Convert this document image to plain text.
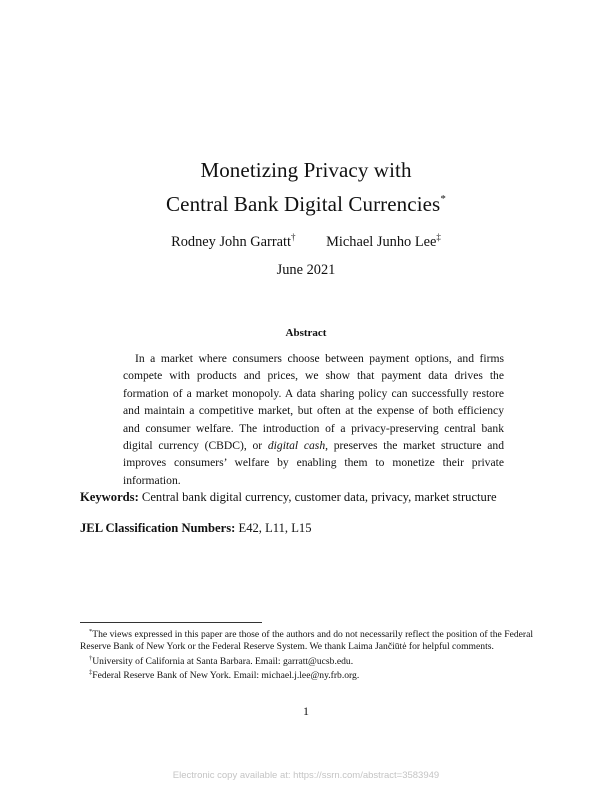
Monetizing Privacy with
Central Bank Digital Currencies*
Rodney John Garratt† Michael Junho Lee‡
June 2021
Abstract
In a market where consumers choose between payment options, and firms compete with products and prices, we show that payment data drives the formation of a market monopoly. A data sharing policy can successfully restore and maintain a competitive market, but often at the expense of both efficiency and consumer welfare. The introduction of a privacy-preserving central bank digital currency (CBDC), or digital cash, preserves the market structure and improves consumers’ welfare by enabling them to monetize their private information.
Keywords: Central bank digital currency, customer data, privacy, market structure
JEL Classification Numbers: E42, L11, L15

*The views expressed in this paper are those of the authors and do not necessarily reflect the position of the Federal Reserve Bank of New York or the Federal Reserve System. We thank Laima Jančiūtė for helpful comments.

†University of California at Santa Barbara. Email: garratt@ucsb.edu.

‡Federal Reserve Bank of New York. Email: michael.j.lee@ny.frb.org.

1
Electronic copy available at: https://ssrn.com/abstract=3583949
